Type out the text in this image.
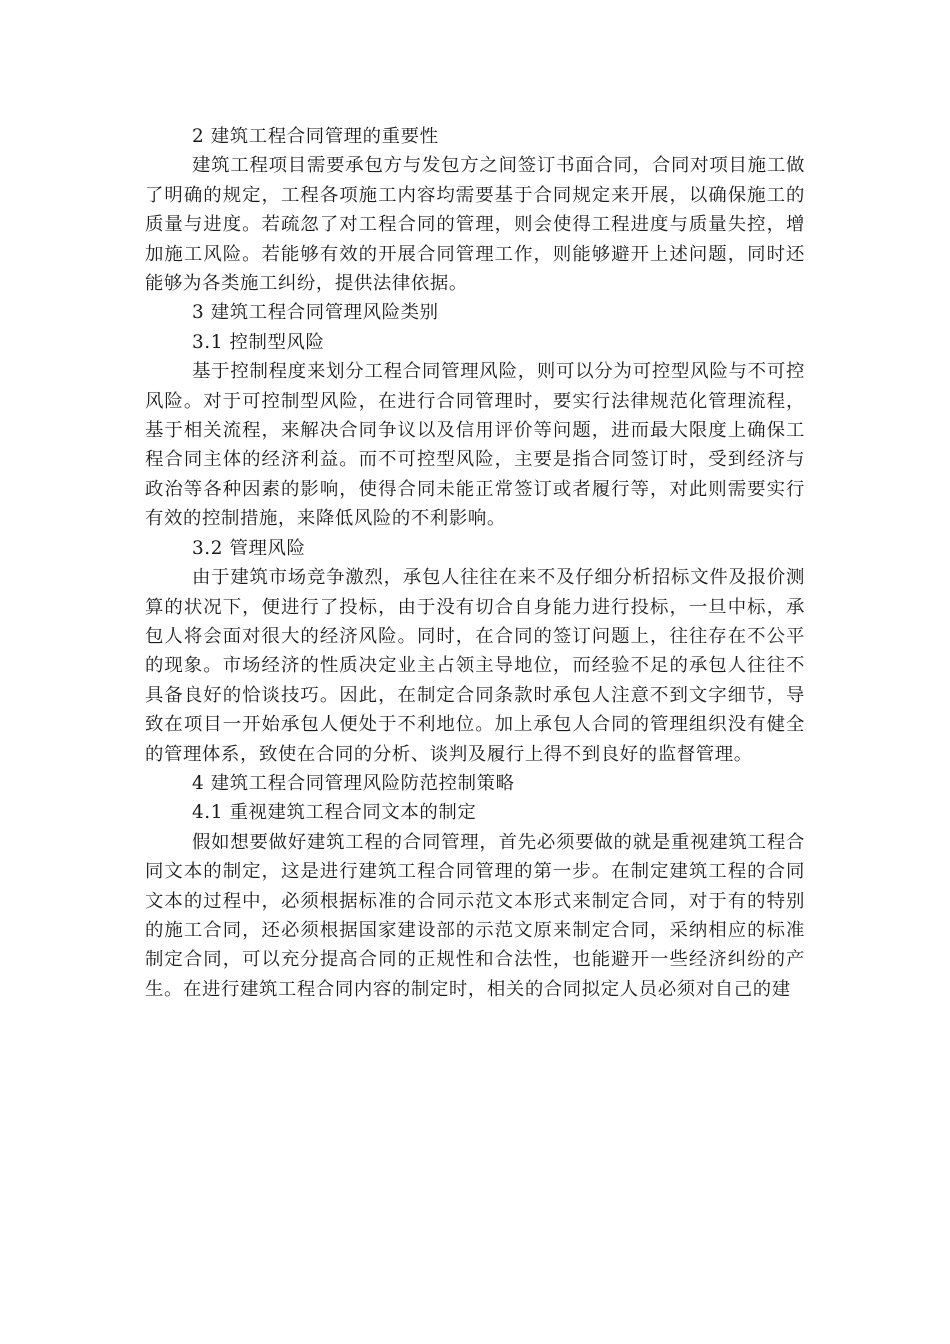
2 建筑工程合同管理的重要性

建筑工程项目需要承包方与发包方之间签订书面合同，合同对项目施工做了明确的规定，工程各项施工内容均需要基于合同规定来开展，以确保施工的质量与进度。若疏忽了对工程合同的管理，则会使得工程进度与质量失控，增加施工风险。若能够有效的开展合同管理工作，则能够避开上述问题，同时还能够为各类施工纠纷，提供法律依据。

3 建筑工程合同管理风险类别

3.1 控制型风险

基于控制程度来划分工程合同管理风险，则可以分为可控型风险与不可控风险。对于可控制型风险，在进行合同管理时，要实行法律规范化管理流程，基于相关流程，来解决合同争议以及信用评价等问题，进而最大限度上确保工程合同主体的经济利益。而不可控型风险，主要是指合同签订时，受到经济与政治等各种因素的影响，使得合同未能正常签订或者履行等，对此则需要实行有效的控制措施，来降低风险的不利影响。

3.2 管理风险

由于建筑市场竞争激烈，承包人往往在来不及仔细分析招标文件及报价测算的状况下，便进行了投标，由于没有切合自身能力进行投标，一旦中标，承包人将会面对很大的经济风险。同时，在合同的签订问题上，往往存在不公平的现象。市场经济的性质决定业主占领主导地位，而经验不足的承包人往往不具备良好的恰谈技巧。因此，在制定合同条款时承包人注意不到文字细节，导致在项目一开始承包人便处于不利地位。加上承包人合同的管理组织没有健全的管理体系，致使在合同的分析、谈判及履行上得不到良好的监督管理。

4 建筑工程合同管理风险防范控制策略

4.1 重视建筑工程合同文本的制定

假如想要做好建筑工程的合同管理，首先必须要做的就是重视建筑工程合同文本的制定，这是进行建筑工程合同管理的第一步。在制定建筑工程的合同文本的过程中，必须根据标准的合同示范文本形式来制定合同，对于有的特别的施工合同，还必须根据国家建设部的示范文原来制定合同，采纳相应的标准制定合同，可以充分提高合同的正规性和合法性，也能避开一些经济纠纷的产生。在进行建筑工程合同内容的制定时，相关的合同拟定人员必须对自己的建
